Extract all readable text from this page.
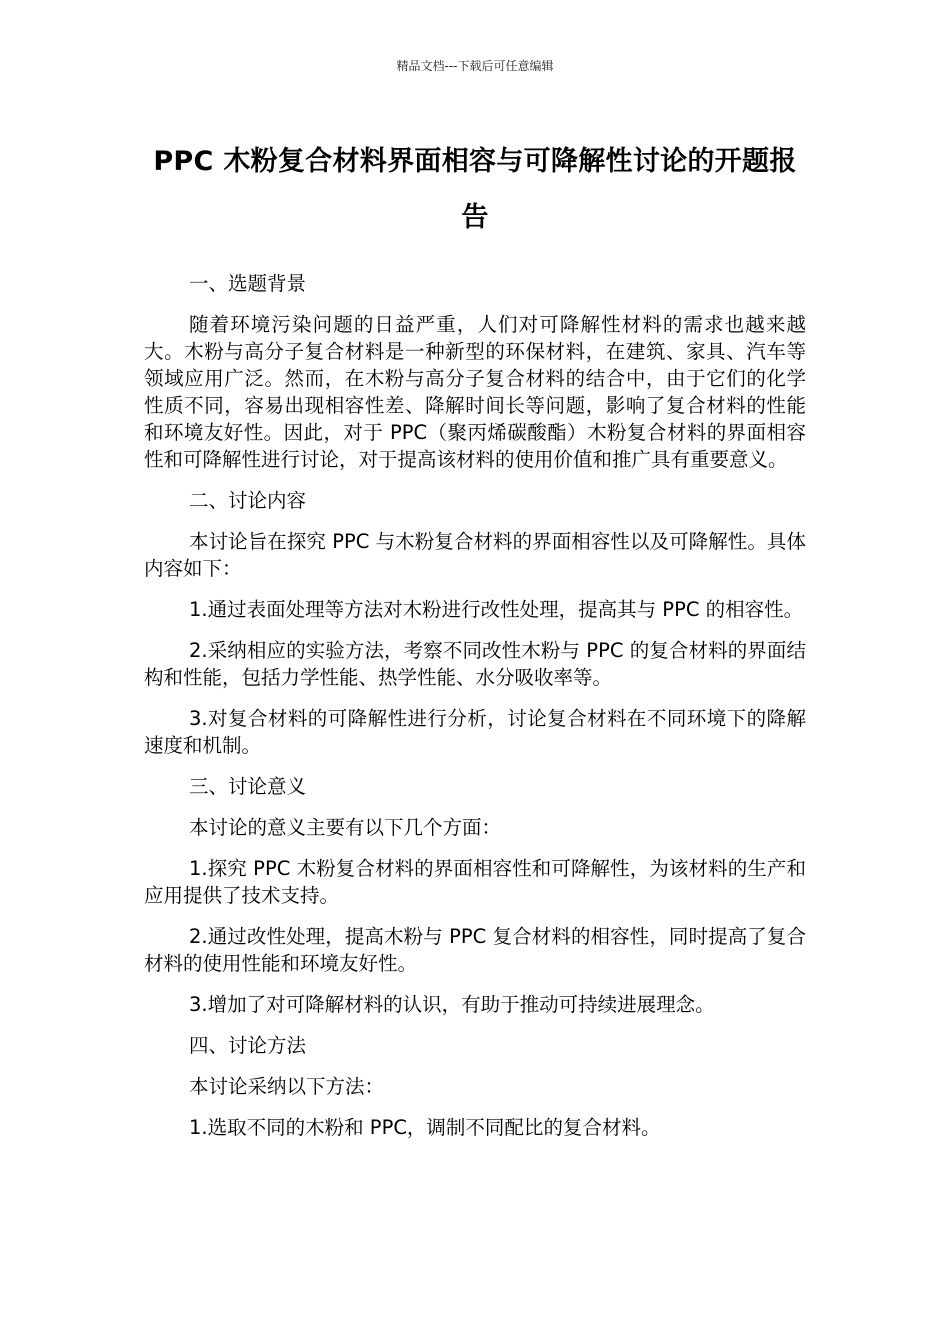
精品文档---下载后可任意编辑
PPC 木粉复合材料界面相容与可降解性讨论的开题报告
一、选题背景
随着环境污染问题的日益严重，人们对可降解性材料的需求也越来越大。木粉与高分子复合材料是一种新型的环保材料，在建筑、家具、汽车等领域应用广泛。然而，在木粉与高分子复合材料的结合中，由于它们的化学性质不同，容易出现相容性差、降解时间长等问题，影响了复合材料的性能和环境友好性。因此，对于 PPC（聚丙烯碳酸酯）木粉复合材料的界面相容性和可降解性进行讨论，对于提高该材料的使用价值和推广具有重要意义。
二、讨论内容
本讨论旨在探究 PPC 与木粉复合材料的界面相容性以及可降解性。具体内容如下：
1.通过表面处理等方法对木粉进行改性处理，提高其与 PPC 的相容性。
2.采纳相应的实验方法，考察不同改性木粉与 PPC 的复合材料的界面结构和性能，包括力学性能、热学性能、水分吸收率等。
3.对复合材料的可降解性进行分析，讨论复合材料在不同环境下的降解速度和机制。
三、讨论意义
本讨论的意义主要有以下几个方面：
1.探究 PPC 木粉复合材料的界面相容性和可降解性，为该材料的生产和应用提供了技术支持。
2.通过改性处理，提高木粉与 PPC 复合材料的相容性，同时提高了复合材料的使用性能和环境友好性。
3.增加了对可降解材料的认识，有助于推动可持续进展理念。
四、讨论方法
本讨论采纳以下方法：
1.选取不同的木粉和 PPC，调制不同配比的复合材料。
